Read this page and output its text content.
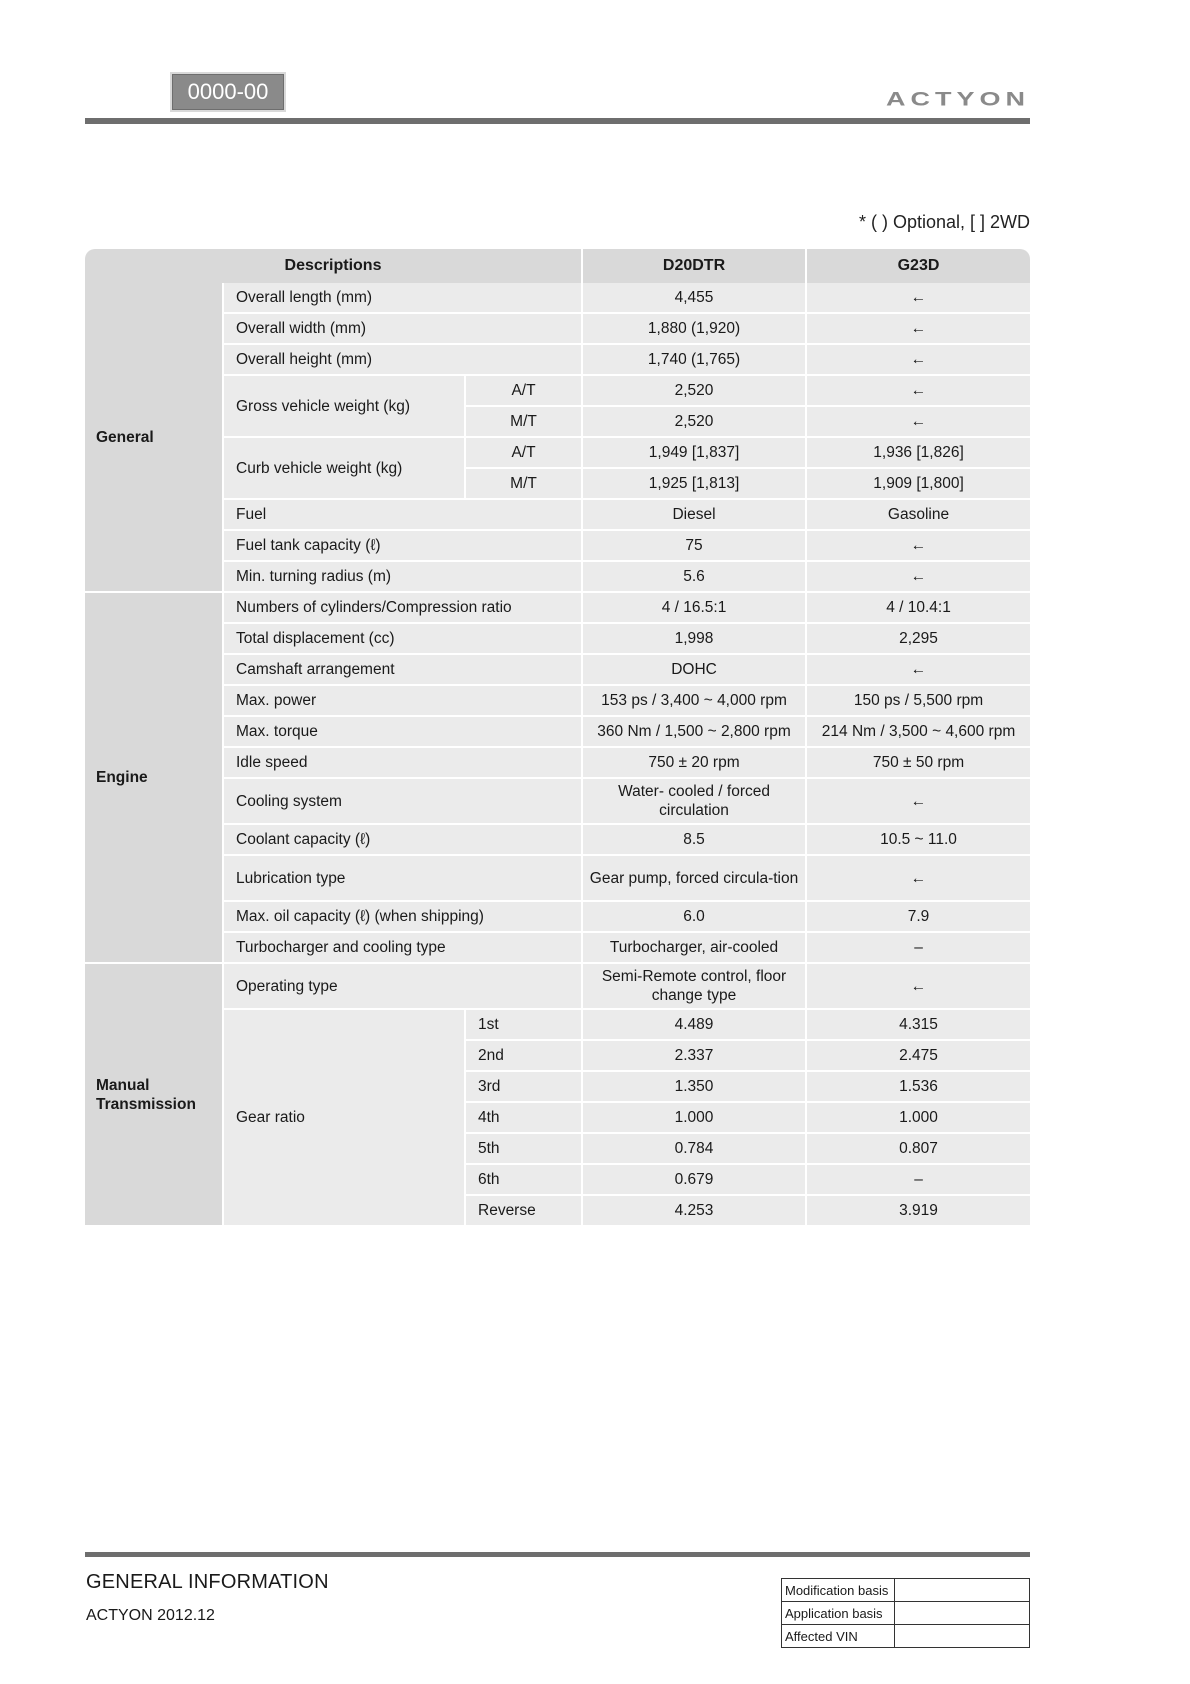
0000-00	ACTYON
* ( ) Optional, [ ] 2WD
Descriptions			D20DTR	G23D
General	Overall length (mm)		4,455	←
	Overall width (mm)		1,880 (1,920)	←
	Overall height (mm)		1,740 (1,765)	←
	Gross vehicle weight (kg)	A/T	2,520	←
		M/T	2,520	←
	Curb vehicle weight (kg)	A/T	1,949 [1,837]	1,936 [1,826]
		M/T	1,925 [1,813]	1,909 [1,800]
	Fuel		Diesel	Gasoline
	Fuel tank capacity (ℓ)		75	←
	Min. turning radius (m)		5.6	←
Engine	Numbers of cylinders/Compression ratio		4 / 16.5:1	4 / 10.4:1
	Total displacement (cc)		1,998	2,295
	Camshaft arrangement		DOHC	←
	Max. power		153 ps / 3,400 ~ 4,000 rpm	150 ps / 5,500 rpm
	Max. torque		360 Nm / 1,500 ~ 2,800 rpm	214 Nm / 3,500 ~ 4,600 rpm
	Idle speed		750 ± 20 rpm	750 ± 50 rpm
	Cooling system		Water- cooled / forced circulation	←
	Coolant capacity (ℓ)		8.5	10.5 ~ 11.0
	Lubrication type		Gear pump, forced circula-tion	←
	Max. oil capacity (ℓ) (when shipping)		6.0	7.9
	Turbocharger and cooling type		Turbocharger, air-cooled	–
Manual Transmission	Operating type		Semi-Remote control, floor change type	←
	Gear ratio	1st	4.489	4.315
		2nd	2.337	2.475
		3rd	1.350	1.536
		4th	1.000	1.000
		5th	0.784	0.807
		6th	0.679	–
		Reverse	4.253	3.919
GENERAL INFORMATION
ACTYON 2012.12
Modification basis	
Application basis	
Affected VIN	
